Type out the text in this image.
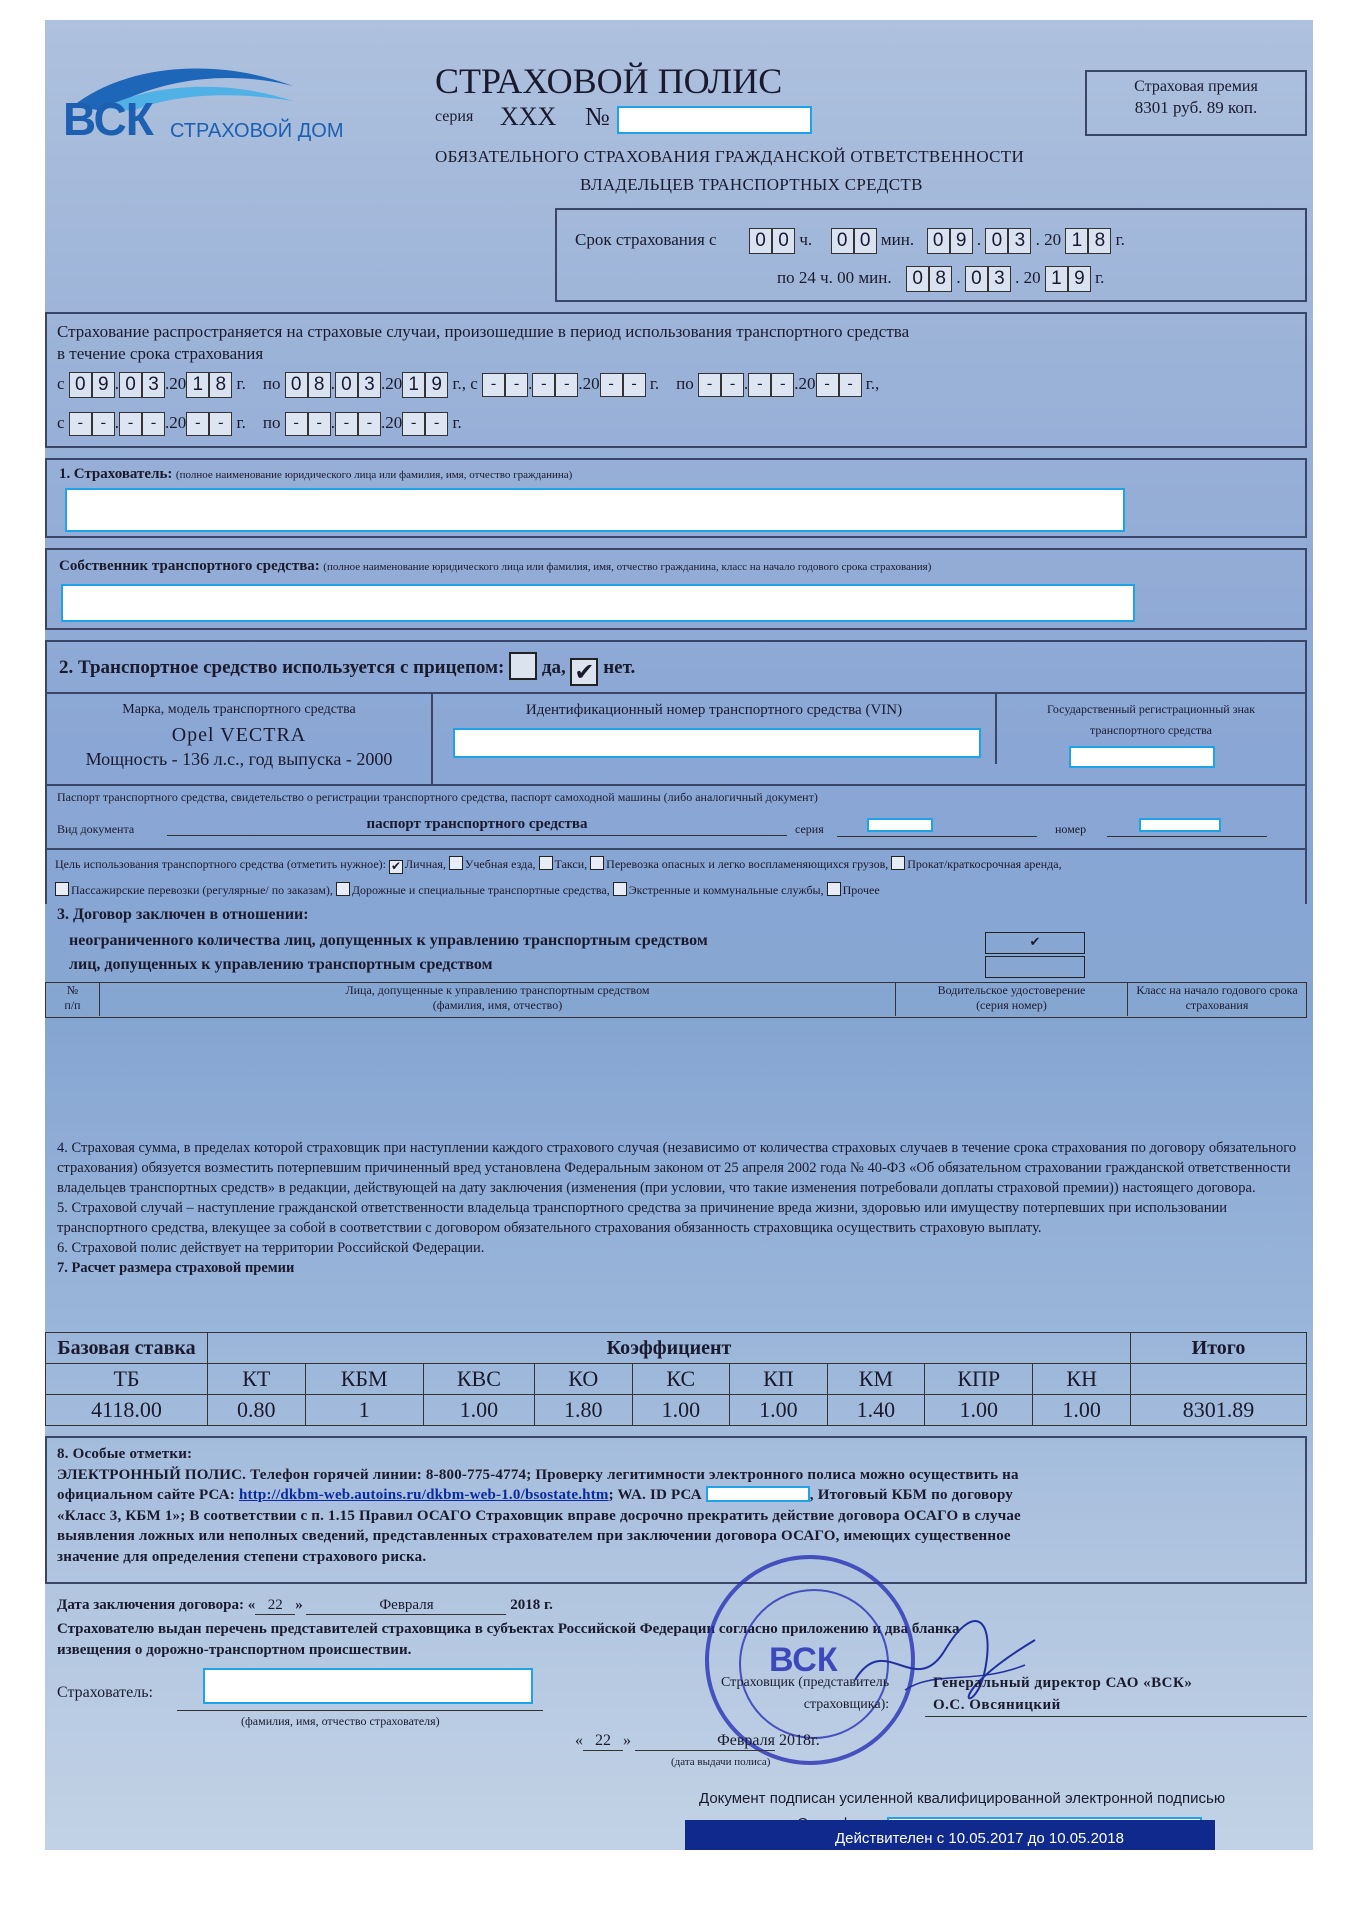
ВСК СТРАХОВОЙ ДОМ
СТРАХОВОЙ ПОЛИС
серия XXX №
ОБЯЗАТЕЛЬНОГО СТРАХОВАНИЯ ГРАЖДАНСКОЙ ОТВЕТСТВЕННОСТИ
ВЛАДЕЛЬЦЕВ ТРАНСПОРТНЫХ СРЕДСТВ
Страховая премия
8301 руб. 89 коп.
Срок страхования с 0 0 ч. 0 0 мин. 0 9 . 0 3 . 20 1 8 г.
по 24 ч. 00 мин. 0 8 . 0 3 . 20 1 9 г.
Страхование распространяется на страховые случаи, произошедшие в период использования транспортного средства
в течение срока страхования
с 0 9 . 0 3 .20 1 8 г. по 0 8 . 0 3 .20 1 9 г., с - - . - - .20 - - г. по - - . - - .20 - - г.,
с - - . - - .20 - - г. по - - . - - .20 - - г.
1. Страхователь: (полное наименование юридического лица или фамилия, имя, отчество гражданина)
Собственник транспортного средства: (полное наименование юридического лица или фамилия, имя, отчество гражданина, класс на начало годового срока страхования)
2. Транспортное средство используется с прицепом: да, ✔ нет.
Марка, модель транспортного средства
Opel VECTRA
Мощность - 136 л.с., год выпуска - 2000
Идентификационный номер транспортного средства (VIN)	Государственный регистрационный знак
транспортного средства
Паспорт транспортного средства, свидетельство о регистрации транспортного средства, паспорт самоходной машины (либо аналогичный документ)
Вид документа	паспорт транспортного средства	серия	номер
Цель использования транспортного средства (отметить нужное): ✔ Личная, Учебная езда, Такси, Перевозка опасных и легко воспламеняющихся грузов, Прокат/краткосрочная аренда,
Пассажирские перевозки (регулярные/ по заказам), Дорожные и специальные транспортные средства, Экстренные и коммунальные службы, Прочее
3. Договор заключен в отношении:
неограниченного количества лиц, допущенных к управлению транспортным средством	✔
лиц, допущенных к управлению транспортным средством
№
п/п
Лица, допущенные к управлению транспортным средством
(фамилия, имя, отчество)
Водительское удостоверение
(серия номер)
Класс на начало годового срока
страхования
4. Страховая сумма, в пределах которой страховщик при наступлении каждого страхового случая (независимо от количества страховых случаев в течение срока страхования по договору обязательного страхования) обязуется возместить потерпевшим причиненный вред установлена Федеральным законом от 25 апреля 2002 года № 40-ФЗ «Об обязательном страховании гражданской ответственности владельцев транспортных средств» в редакции, действующей на дату заключения (изменения (при условии, что такие изменения потребовали доплаты страховой премии)) настоящего договора.
5. Страховой случай – наступление гражданской ответственности владельца транспортного средства за причинение вреда жизни, здоровью или имуществу потерпевших при использовании транспортного средства, влекущее за собой в соответствии с договором обязательного страхования обязанность страховщика осуществить страховую выплату.
6. Страховой полис действует на территории Российской Федерации.
7. Расчет размера страховой премии
Базовая ставка	Коэффициент									Итого
ТБ	КТ	КБМ	КВС	КО	КС	КП	КМ	КПР	КН	
4118.00	0.80	1	1.00	1.80	1.00	1.00	1.40	1.00	1.00	8301.89
8. Особые отметки:
ЭЛЕКТРОННЫЙ ПОЛИС. Телефон горячей линии: 8-800-775-4774; Проверку легитимности электронного полиса можно осуществить на
официальном сайте РСА: http://dkbm-web.autoins.ru/dkbm-web-1.0/bsostate.htm; WA. ID РСА	, Итоговый КБМ по договору
«Класс 3, КБМ 1»; В соответствии с п. 1.15 Правил ОСАГО Страховщик вправе досрочно прекратить действие договора ОСАГО в случае
выявления ложных или неполных сведений, представленных страхователем при заключении договора ОСАГО, имеющих существенное
значение для определения степени страхового риска.
Дата заключения договора: « 22 »	Февраля	2018 г.
Страхователю выдан перечень представителей страховщика в субъектах Российской Федерации согласно приложению и два бланка
извещения о дорожно-транспортном происшествии.
Страхователь:
(фамилия, имя, отчество страхователя)
ВСК
Страховщик (представитель
страховщика):
Генеральный директор САО «ВСК»
О.С. Овсяницкий
« 22 »	Февраля 2018г.
(дата выдачи полиса)
Документ подписан усиленной квалифицированной электронной подписью
Действителен с 10.05.2017 до 10.05.2018
